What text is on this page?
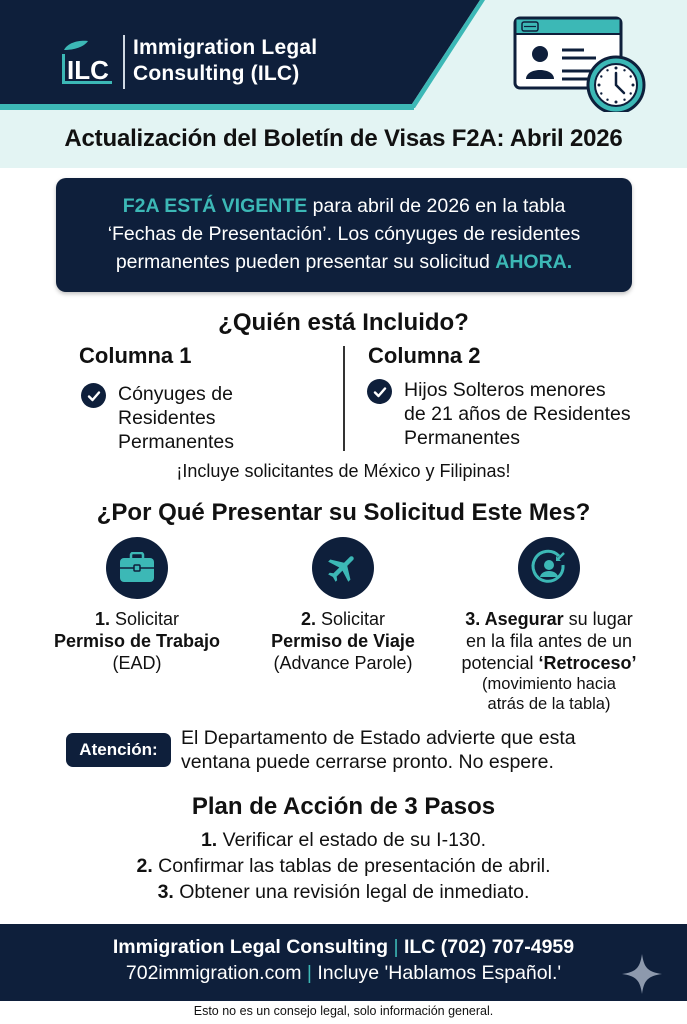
ILC
Immigration Legal
Consulting (ILC)
Actualización del Boletín de Visas F2A: Abril 2026
F2A ESTÁ VIGENTE para abril de 2026 en la tabla
‘Fechas de Presentación’. Los cónyuges de residentes
permanentes pueden presentar su solicitud AHORA.
¿Quién está Incluido?
Columna 1	Columna 2
Cónyuges de
Residentes
Permanentes
Hijos Solteros menores
de 21 años de Residentes
Permanentes
¡Incluye solicitantes de México y Filipinas!
¿Por Qué Presentar su Solicitud Este Mes?
1. Solicitar
Permiso de Trabajo
(EAD)
2. Solicitar
Permiso de Viaje
(Advance Parole)
3. Asegurar su lugar
en la fila antes de un
potencial ‘Retroceso’
(movimiento hacia
atrás de la tabla)
Atención:
El Departamento de Estado advierte que esta
ventana puede cerrarse pronto. No espere.
Plan de Acción de 3 Pasos
1. Verificar el estado de su I-130.
2. Confirmar las tablas de presentación de abril.
3. Obtener una revisión legal de inmediato.
Immigration Legal Consulting | ILC (702) 707-4959
702immigration.com | Incluye 'Hablamos Español.'
Esto no es un consejo legal, solo información general.
